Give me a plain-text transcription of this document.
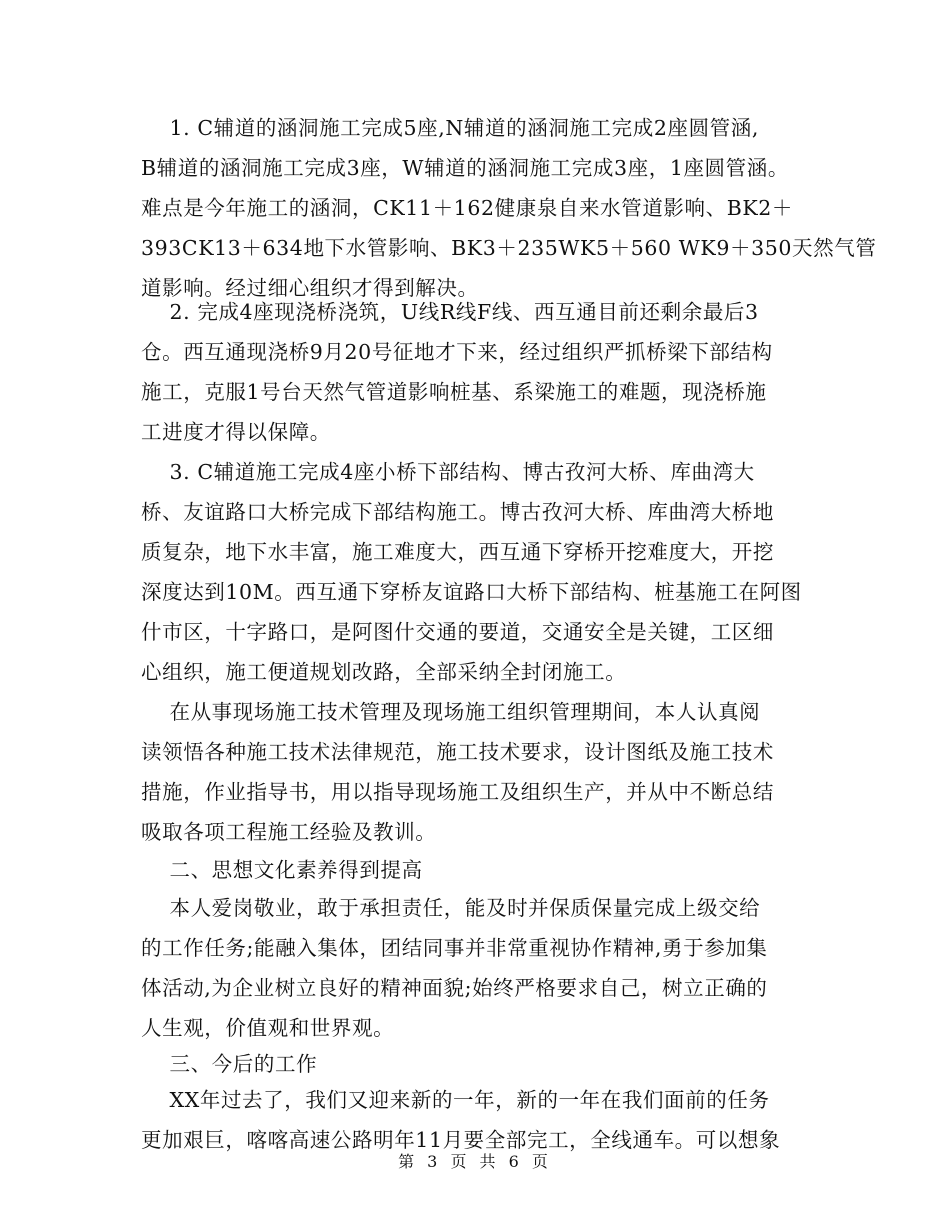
1. C辅道的涵洞施工完成5座,N辅道的涵洞施工完成2座圆管涵,
B辅道的涵洞施工完成3座，W辅道的涵洞施工完成3座，1座圆管涵。
难点是今年施工的涵洞，CK11＋162健康泉自来水管道影响、BK2＋
393CK13＋634地下水管影响、BK3＋235WK5＋560 WK9＋350天然气管
道影响。经过细心组织才得到解决。
2. 完成4座现浇桥浇筑，U线R线F线、西互通目前还剩余最后3
仓。西互通现浇桥9月20号征地才下来，经过组织严抓桥梁下部结构
施工，克服1号台天然气管道影响桩基、系梁施工的难题，现浇桥施
工进度才得以保障。
3. C辅道施工完成4座小桥下部结构、博古孜河大桥、库曲湾大
桥、友谊路口大桥完成下部结构施工。博古孜河大桥、库曲湾大桥地
质复杂，地下水丰富，施工难度大，西互通下穿桥开挖难度大，开挖
深度达到10M。西互通下穿桥友谊路口大桥下部结构、桩基施工在阿图
什市区，十字路口，是阿图什交通的要道，交通安全是关键，工区细
心组织，施工便道规划改路，全部采纳全封闭施工。
在从事现场施工技术管理及现场施工组织管理期间，本人认真阅
读领悟各种施工技术法律规范，施工技术要求，设计图纸及施工技术
措施，作业指导书，用以指导现场施工及组织生产，并从中不断总结
吸取各项工程施工经验及教训。
二、思想文化素养得到提高
本人爱岗敬业，敢于承担责任，能及时并保质保量完成上级交给
的工作任务;能融入集体，团结同事并非常重视协作精神,勇于参加集
体活动,为企业树立良好的精神面貌;始终严格要求自己，树立正确的
人生观，价值观和世界观。
三、今后的工作
XX年过去了，我们又迎来新的一年，新的一年在我们面前的任务
更加艰巨，喀喀高速公路明年11月要全部完工，全线通车。可以想象
第 3 页 共 6 页
